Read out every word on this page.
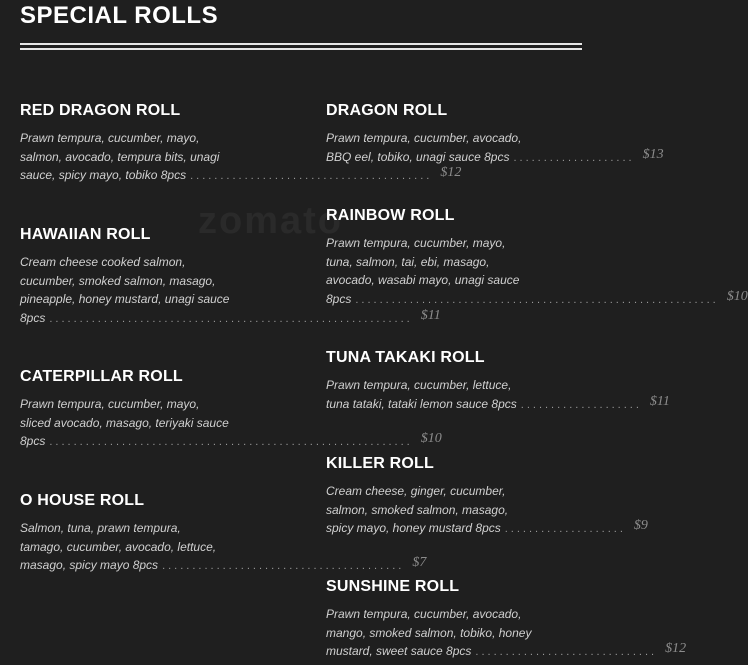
SPECIAL ROLLS
zomato
RED DRAGON ROLL
Prawn tempura, cucumber, mayo,
salmon, avocado, tempura bits, unagi
sauce, spicy mayo, tobiko 8pcs ........................................ $12
HAWAIIAN ROLL
Cream cheese cooked salmon,
cucumber, smoked salmon, masago,
pineapple, honey mustard, unagi sauce
8pcs ............................................................ $11
CATERPILLAR ROLL
Prawn tempura, cucumber, mayo,
sliced avocado, masago, teriyaki sauce
8pcs ............................................................ $10
O HOUSE ROLL
Salmon, tuna, prawn tempura,
tamago, cucumber, avocado, lettuce,
masago, spicy mayo 8pcs ........................................ $7
DRAGON ROLL
Prawn tempura, cucumber, avocado,
BBQ eel, tobiko, unagi sauce 8pcs .................... $13
RAINBOW ROLL
Prawn tempura, cucumber, mayo,
tuna, salmon, tai, ebi, masago,
avocado, wasabi mayo, unagi sauce
8pcs ............................................................ $10
TUNA TAKAKI ROLL
Prawn tempura, cucumber, lettuce,
tuna tataki, tataki lemon sauce 8pcs .................... $11
KILLER ROLL
Cream cheese, ginger, cucumber,
salmon, smoked salmon, masago,
spicy mayo, honey mustard 8pcs .................... $9
SUNSHINE ROLL
Prawn tempura, cucumber, avocado,
mango, smoked salmon, tobiko, honey
mustard, sweet sauce 8pcs .............................. $12
